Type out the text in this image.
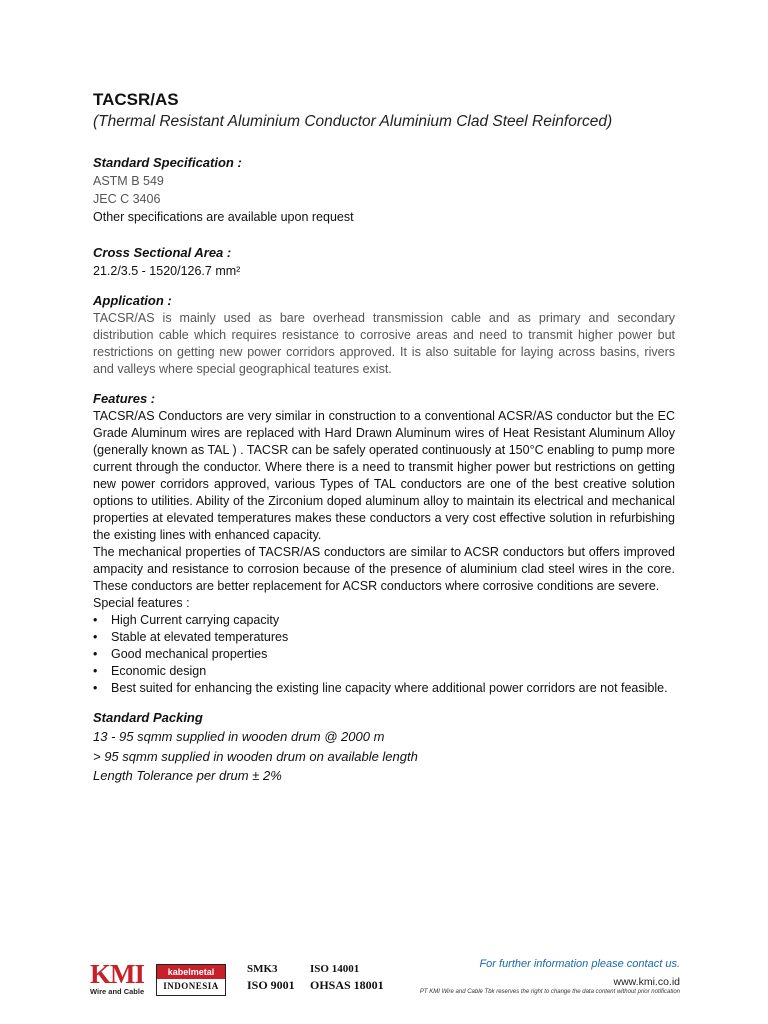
TACSR/AS
(Thermal Resistant Aluminium Conductor Aluminium Clad Steel Reinforced)
Standard Specification :
ASTM B 549
JEC C 3406
Other specifications are available upon request
Cross Sectional Area :
21.2/3.5 - 1520/126.7 mm²
Application :

TACSR/AS is mainly used as bare overhead transmission cable and as primary and secondary distribution cable which requires resistance to corrosive areas and need to transmit higher power but restrictions on getting new power corridors approved. It is also suitable for laying across basins, rivers and valleys where special geographical teatures exist.

Features :

TACSR/AS Conductors are very similar in construction to a conventional ACSR/AS conductor but the EC Grade Aluminum wires are replaced with Hard Drawn Aluminum wires of Heat Resistant Aluminum Alloy (generally known as TAL ) . TACSR can be safely operated continuously at 150°C enabling to pump more current through the conductor. Where there is a need to transmit higher power but restrictions on getting new power corridors approved, various Types of TAL conductors are one of the best creative solution options to utilities. Ability of the Zirconium doped aluminum alloy to maintain its electrical and mechanical properties at elevated temperatures makes these conductors a very cost effective solution in refurbishing the existing lines with enhanced capacity.

The mechanical properties of TACSR/AS conductors are similar to ACSR conductors but offers improved ampacity and resistance to corrosion because of the presence of aluminium clad steel wires in the core. These conductors are better replacement for ACSR conductors where corrosive conditions are severe.

Special features :
• High Current carrying capacity
• Stable at elevated temperatures
• Good mechanical properties
• Economic design
• Best suited for enhancing the existing line capacity where additional power corridors are not feasible.
Standard Packing
13 - 95 sqmm supplied in wooden drum @ 2000 m
> 95 sqmm supplied in wooden drum on available length
Length Tolerance per drum ± 2%
KMI
Wire and Cable
kabelmetal
INDONESIA
SMK3
ISO 9001
ISO 14001
OHSAS 18001
For further information please contact us.
www.kmi.co.id
PT KMI Wire and Cable Tbk reserves the right to change the data content without prior notification
